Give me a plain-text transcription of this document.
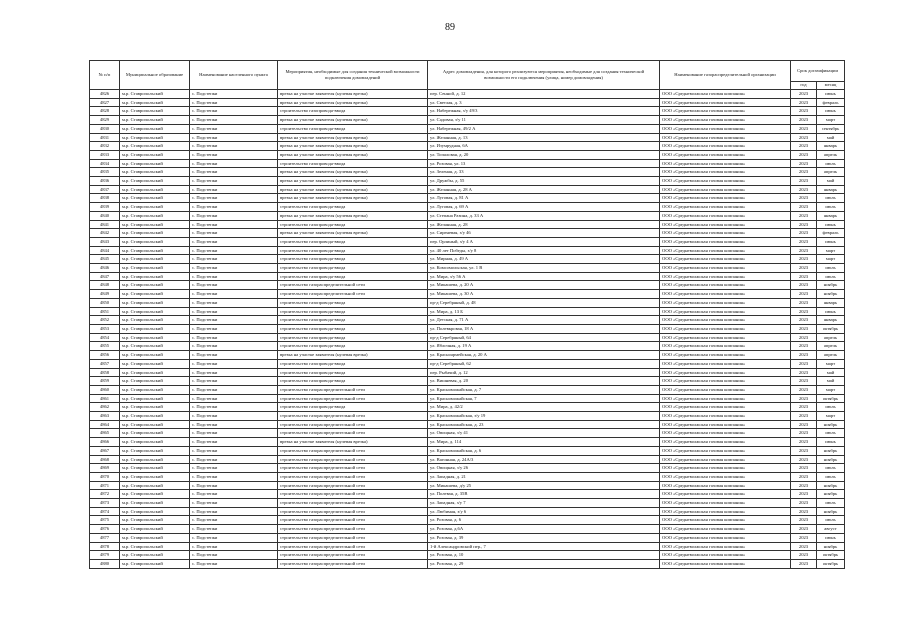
89
№ п/п	Муниципальное образование	Наименование населенного пункта	Мероприятия, необходимые для создания технической возможности подключения домовладений	Адрес домовладения, для которого реализуются мероприятия, необходимые для создания технической возможности его подключения (улица, номер домовладения)	Наименование газораспределительной организации	Срок догазификации	
						год	месяц
4826	м.р. Ставропольский	с. Подстепки	врезка на участке заявителя (нулевая врезка)	пер. Сенной, д. 12	ООО «Средневолжская газовая компания»	2023	июнь
4827	м.р. Ставропольский	с. Подстепки	врезка на участке заявителя (нулевая врезка)	ул. Светлая, д. 3	ООО «Средневолжская газовая компания»	2023	февраль
4828	м.р. Ставропольский	с. Подстепки	строительство газопровода-ввода	ул. Набережная, з/у 49/3	ООО «Средневолжская газовая компания»	2023	июнь
4829	м.р. Ставропольский	с. Подстепки	врезка на участке заявителя (нулевая врезка)	ул. Садовая, з/у 11	ООО «Средневолжская газовая компания»	2023	март
4830	м.р. Ставропольский	с. Подстепки	строительство газопровода-ввода	ул. Набережная, 49/2 А	ООО «Средневолжская газовая компания»	2023	сентябрь
4831	м.р. Ставропольский	с. Подстепки	врезка на участке заявителя (нулевая врезка)	ул. Желанная, д. 13	ООО «Средневолжская газовая компания»	2023	май
4832	м.р. Ставропольский	с. Подстепки	врезка на участке заявителя (нулевая врезка)	ул. Изумрудная, 6А	ООО «Средневолжская газовая компания»	2023	январь
4833	м.р. Ставропольский	с. Подстепки	врезка на участке заявителя (нулевая врезка)	ул. Топаловая, д. 20	ООО «Средневолжская газовая компания»	2023	апрель
4834	м.р. Ставропольский	с. Подстепки	строительство газопровода-ввода	ул. Розовая, ул. 13	ООО «Средневолжская газовая компания»	2023	июль
4835	м.р. Ставропольский	с. Подстепки	врезка на участке заявителя (нулевая врезка)	ул. Зеленая, д. 33	ООО «Средневолжская газовая компания»	2023	апрель
4836	м.р. Ставропольский	с. Подстепки	врезка на участке заявителя (нулевая врезка)	ул. Дружбы, д. 55	ООО «Средневолжская газовая компания»	2023	май
4837	м.р. Ставропольский	с. Подстепки	врезка на участке заявителя (нулевая врезка)	ул. Желанная, д. 28 А	ООО «Средневолжская газовая компания»	2023	январь
4838	м.р. Ставропольский	с. Подстепки	врезка на участке заявителя (нулевая врезка)	ул. Луговая, д. 81 А	ООО «Средневолжская газовая компания»	2023	июль
4839	м.р. Ставропольский	с. Подстепки	строительство газопровода-ввода	ул. Луговая, д. 69 А	ООО «Средневолжская газовая компания»	2023	июль
4840	м.р. Ставропольский	с. Подстепки	врезка на участке заявителя (нулевая врезка)	ул. Степана Разина, д. 33 А	ООО «Средневолжская газовая компания»	2023	январь
4841	м.р. Ставропольский	с. Подстепки	строительство газопровода-ввода	ул. Желанная, д. 28	ООО «Средневолжская газовая компания»	2023	июнь
4842	м.р. Ставропольский	с. Подстепки	врезка на участке заявителя (нулевая врезка)	ул. Сиреневая, з/у 46	ООО «Средневолжская газовая компания»	2023	февраль
4843	м.р. Ставропольский	с. Подстепки	строительство газопровода-ввода	пер. Орлиный, з/у 4 А	ООО «Средневолжская газовая компания»	2023	июнь
4844	м.р. Ставропольский	с. Подстепки	строительство газопровода-ввода	ул. 40 лет Победы, з/у 8	ООО «Средневолжская газовая компания»	2023	март
4845	м.р. Ставропольский	с. Подстепки	строительство газопровода-ввода	ул. Мирная, д. 49 А	ООО «Средневолжская газовая компания»	2023	март
4846	м.р. Ставропольский	с. Подстепки	строительство газопровода-ввода	ул. Комсомольская, ул. 1 В	ООО «Средневолжская газовая компания»	2023	июль
4847	м.р. Ставропольский	с. Подстепки	строительство газопровода-ввода	ул. Мира, з/у 56 А	ООО «Средневолжская газовая компания»	2023	июль
4848	м.р. Ставропольский	с. Подстепки	строительство газораспределительной сети	ул. Микашева, д. 20 А	ООО «Средневолжская газовая компания»	2023	ноябрь
4849	м.р. Ставропольский	с. Подстепки	строительство газораспределительной сети	ул. Микашева, д. 30 А	ООО «Средневолжская газовая компания»	2023	ноябрь
4850	м.р. Ставропольский	с. Подстепки	строительство газопровода-ввода	пр-д Серебряный, д. 48	ООО «Средневолжская газовая компания»	2023	январь
4851	м.р. Ставропольский	с. Подстепки	строительство газопровода-ввода	ул. Мира, д. 13 Б	ООО «Средневолжская газовая компания»	2023	июнь
4852	м.р. Ставропольский	с. Подстепки	строительство газопровода-ввода	ул. Детская, д. 71 А	ООО «Средневолжская газовая компания»	2023	январь
4853	м.р. Ставропольский	с. Подстепки	строительство газопровода-ввода	ул. Полевкровая, 18 А	ООО «Средневолжская газовая компания»	2023	октябрь
4854	м.р. Ставропольский	с. Подстепки	строительство газопровода-ввода	пр-д Серебряный, 64	ООО «Средневолжская газовая компания»	2023	апрель
4855	м.р. Ставропольский	с. Подстепки	строительство газопровода-ввода	ул. Яблочная, д. 19 А	ООО «Средневолжская газовая компания»	2023	апрель
4856	м.р. Ставропольский	с. Подстепки	врезка на участке заявителя (нулевая врезка)	ул. Красноармейская, д. 20 А	ООО «Средневолжская газовая компания»	2023	апрель
4857	м.р. Ставропольский	с. Подстепки	строительство газопровода-ввода	пр-д Серебряный, 62	ООО «Средневолжская газовая компания»	2023	март
4858	м.р. Ставропольский	с. Подстепки	строительство газопровода-ввода	пер. Рыбачий, д. 12	ООО «Средневолжская газовая компания»	2023	май
4859	м.р. Ставропольский	с. Подстепки	строительство газопровода-ввода	ул. Вишневая, д. 20	ООО «Средневолжская газовая компания»	2023	май
4860	м.р. Ставропольский	с. Подстепки	строительство газораспределительной сети	ул. Красноможайская, д. 7	ООО «Средневолжская газовая компания»	2023	март
4861	м.р. Ставропольский	с. Подстепки	строительство газораспределительной сети	ул. Красноможайская, 7	ООО «Средневолжская газовая компания»	2023	октябрь
4862	м.р. Ставропольский	с. Подстепки	строительство газопровода-ввода	ул. Мира, д. 42/2	ООО «Средневолжская газовая компания»	2023	июль
4863	м.р. Ставропольский	с. Подстепки	строительство газораспределительной сети	ул. Красноможайская, з/у 19	ООО «Средневолжская газовая компания»	2023	март
4864	м.р. Ставропольский	с. Подстепки	строительство газораспределительной сети	ул. Красноможайская, д. 23	ООО «Средневолжская газовая компания»	2023	ноябрь
4865	м.р. Ставропольский	с. Подстепки	строительство газораспределительной сети	ул. Овощная, з/у 41	ООО «Средневолжская газовая компания»	2023	июль
4866	м.р. Ставропольский	с. Подстепки	врезка на участке заявителя (нулевая врезка)	ул. Мира, д. 114	ООО «Средневолжская газовая компания»	2023	июнь
4867	м.р. Ставропольский	с. Подстепки	строительство газораспределительной сети	ул. Красноможайская, д. 6	ООО «Средневолжская газовая компания»	2023	ноябрь
4868	м.р. Ставропольский	с. Подстепки	строительство газораспределительной сети	ул. Вагонная, д. 24А/3	ООО «Средневолжская газовая компания»	2023	ноябрь
4869	м.р. Ставропольский	с. Подстепки	строительство газораспределительной сети	ул. Овощная, з/у 26	ООО «Средневолжская газовая компания»	2023	июль
4870	м.р. Ставропольский	с. Подстепки	строительство газораспределительной сети	ул. Западная, д. 21	ООО «Средневолжская газовая компания»	2023	июль
4871	м.р. Ставропольский	с. Подстепки	строительство газораспределительной сети	ул. Микашева, д/у 25	ООО «Средневолжская газовая компания»	2023	ноябрь
4872	м.р. Ставропольский	с. Подстепки	строительство газораспределительной сети	ул. Полевая, д. 35В	ООО «Средневолжская газовая компания»	2023	ноябрь
4873	м.р. Ставропольский	с. Подстепки	строительство газораспределительной сети	ул. Западная, з/у 7	ООО «Средневолжская газовая компания»	2023	июль
4874	м.р. Ставропольский	с. Подстепки	строительство газораспределительной сети	ул. Любимая, з/у 6	ООО «Средневолжская газовая компания»	2023	ноябрь
4875	м.р. Ставропольский	с. Подстепки	строительство газораспределительной сети	ул. Розовая, д. 6	ООО «Средневолжская газовая компания»	2023	июль
4876	м.р. Ставропольский	с. Подстепки	строительство газораспределительной сети	ул. Розовая, д.6А	ООО «Средневолжская газовая компания»	2023	август
4877	м.р. Ставропольский	с. Подстепки	строительство газораспределительной сети	ул. Розовая, д. 39	ООО «Средневолжская газовая компания»	2023	июнь
4878	м.р. Ставропольский	с. Подстепки	строительство газораспределительной сети	1-й Александровский пер., 7	ООО «Средневолжская газовая компания»	2023	ноябрь
4879	м.р. Ставропольский	с. Подстепки	строительство газораспределительной сети	ул. Розовая, д. 10	ООО «Средневолжская газовая компания»	2023	октябрь
4880	м.р. Ставропольский	с. Подстепки	строительство газораспределительной сети	ул. Розовая, д. 29	ООО «Средневолжская газовая компания»	2023	октябрь
